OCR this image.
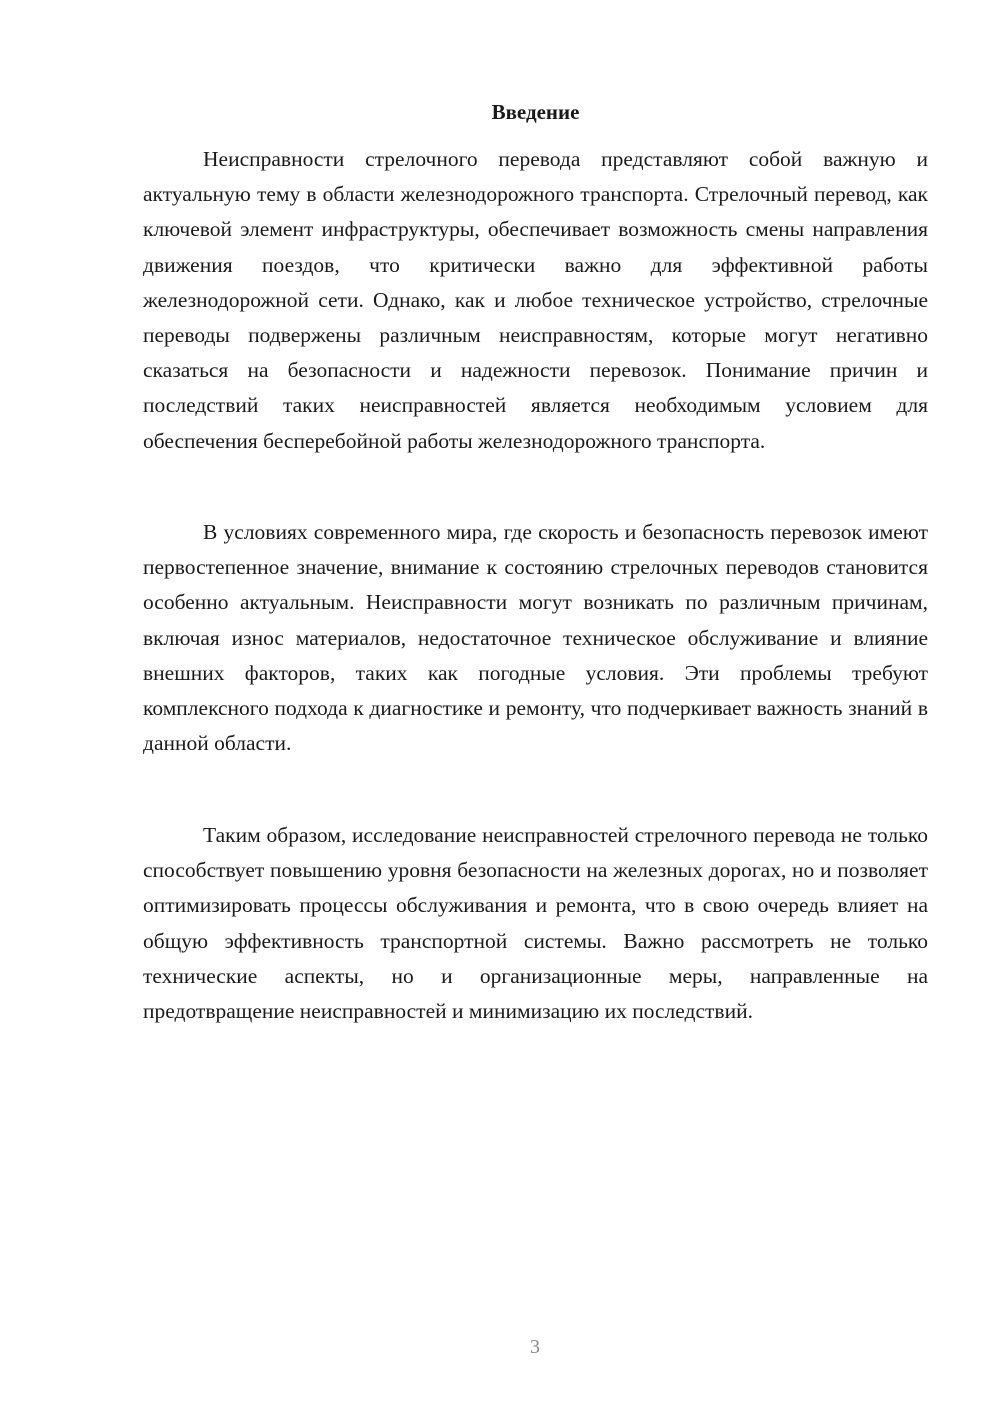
Введение

Неисправности стрелочного перевода представляют собой важную и актуальную тему в области железнодорожного транспорта. Стрелочный перевод, как ключевой элемент инфраструктуры, обеспечивает возможность смены направления движения поездов, что критически важно для эффективной работы железнодорожной сети. Однако, как и любое техническое устройство, стрелочные переводы подвержены различным неисправностям, которые могут негативно сказаться на безопасности и надежности перевозок. Понимание причин и последствий таких неисправностей является необходимым условием для обеспечения бесперебойной работы железнодорожного транспорта.

В условиях современного мира, где скорость и безопасность перевозок имеют первостепенное значение, внимание к состоянию стрелочных переводов становится особенно актуальным. Неисправности могут возникать по различным причинам, включая износ материалов, недостаточное техническое обслуживание и влияние внешних факторов, таких как погодные условия. Эти проблемы требуют комплексного подхода к диагностике и ремонту, что подчеркивает важность знаний в данной области.

Таким образом, исследование неисправностей стрелочного перевода не только способствует повышению уровня безопасности на железных дорогах, но и позволяет оптимизировать процессы обслуживания и ремонта, что в свою очередь влияет на общую эффективность транспортной системы. Важно рассмотреть не только технические аспекты, но и организационные меры, направленные на предотвращение неисправностей и минимизацию их последствий.

3
